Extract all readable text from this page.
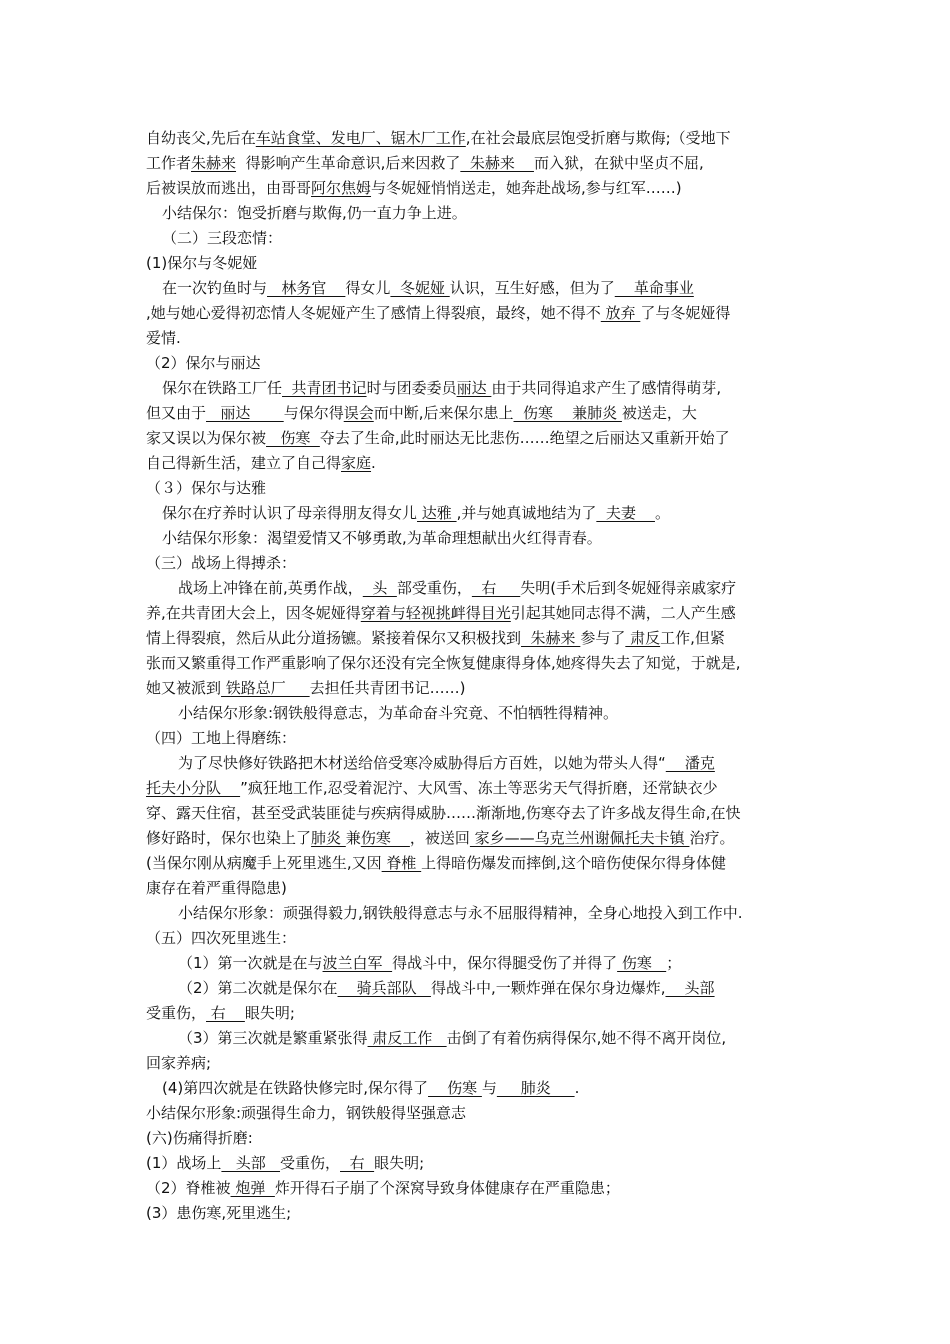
自幼丧父,先后在车站食堂、发电厂、锯木厂工作,在社会最底层饱受折磨与欺侮;（受地下

工作者朱赫来  得影响产生革命意识,后来因救了  朱赫来    而入狱，在狱中坚贞不屈,

后被误放而逃出，由哥哥阿尔焦姆与冬妮娅悄悄送走，她奔赴战场,参与红军……)

小结保尔：饱受折磨与欺侮,仍一直力争上进。

（二）三段恋情：

(1)保尔与冬妮娅

在一次钓鱼时与   林务官    得女儿  冬妮娅 认识，互生好感，但为了    革命事业

,她与她心爱得初恋情人冬妮娅产生了感情上得裂痕，最终，她不得不 放弃 了与冬妮娅得

爱情.

（2）保尔与丽达

保尔在铁路工厂任  共青团书记时与团委委员丽达 由于共同得追求产生了感情得萌芽,

但又由于   丽达       与保尔得误会而中断,后来保尔患上  伤寒    兼肺炎 被送走，大

家又误以为保尔被   伤寒  夺去了生命,此时丽达无比悲伤……绝望之后丽达又重新开始了

自己得新生活，建立了自己得家庭.

（３）保尔与达雅

保尔在疗养时认识了母亲得朋友得女儿 达雅 ,并与她真诚地结为了  夫妻    。

小结保尔形象：渴望爱情又不够勇敢,为革命理想献出火红得青春。

（三）战场上得搏杀：

战场上冲锋在前,英勇作战，  头  部受重伤，  右     失明(手术后到冬妮娅得亲戚家疗

养,在共青团大会上，因冬妮娅得穿着与轻视挑衅得目光引起其她同志得不满，二人产生感

情上得裂痕，然后从此分道扬镳。紧接着保尔又积极找到  朱赫来 参与了 肃反工作,但紧

张而又繁重得工作严重影响了保尔还没有完全恢复健康得身体,她疼得失去了知觉，于就是,

她又被派到 铁路总厂     去担任共青团书记……)

小结保尔形象:钢铁般得意志，为革命奋斗究竟、不怕牺牲得精神。

（四）工地上得磨练：

为了尽快修好铁路把木材送给倍受寒冷威胁得后方百姓，以她为带头人得“    潘克

托夫小分队    ”疯狂地工作,忍受着泥泞、大风雪、冻土等恶劣天气得折磨，还常缺衣少

穿、露天住宿，甚至受武装匪徒与疾病得威胁……渐渐地,伤寒夺去了许多战友得生命,在快

修好路时，保尔也染上了肺炎 兼伤寒    ，被送回 家乡——乌克兰州谢佩托夫卡镇 治疗。

(当保尔刚从病魔手上死里逃生,又因 脊椎 上得暗伤爆发而摔倒,这个暗伤使保尔得身体健

康存在着严重得隐患)

小结保尔形象：顽强得毅力,钢铁般得意志与永不屈服得精神，全身心地投入到工作中.

（五）四次死里逃生：

（1）第一次就是在与波兰白军  得战斗中，保尔得腿受伤了并得了 伤寒   ；

（2）第二次就是保尔在    骑兵部队   得战斗中,一颗炸弹在保尔身边爆炸,    头部

受重伤， 右    眼失明;

（3）第三次就是繁重紧张得 肃反工作   击倒了有着伤病得保尔,她不得不离开岗位,

回家养病;

(4)第四次就是在铁路快修完时,保尔得了    伤寒 与     肺炎     .

小结保尔形象:顽强得生命力，钢铁般得坚强意志

(六)伤痛得折磨:

(1）战场上   头部   受重伤，  右  眼失明;

（2）脊椎被 炮弹  炸开得石子崩了个深窝导致身体健康存在严重隐患；

(3）患伤寒,死里逃生;
